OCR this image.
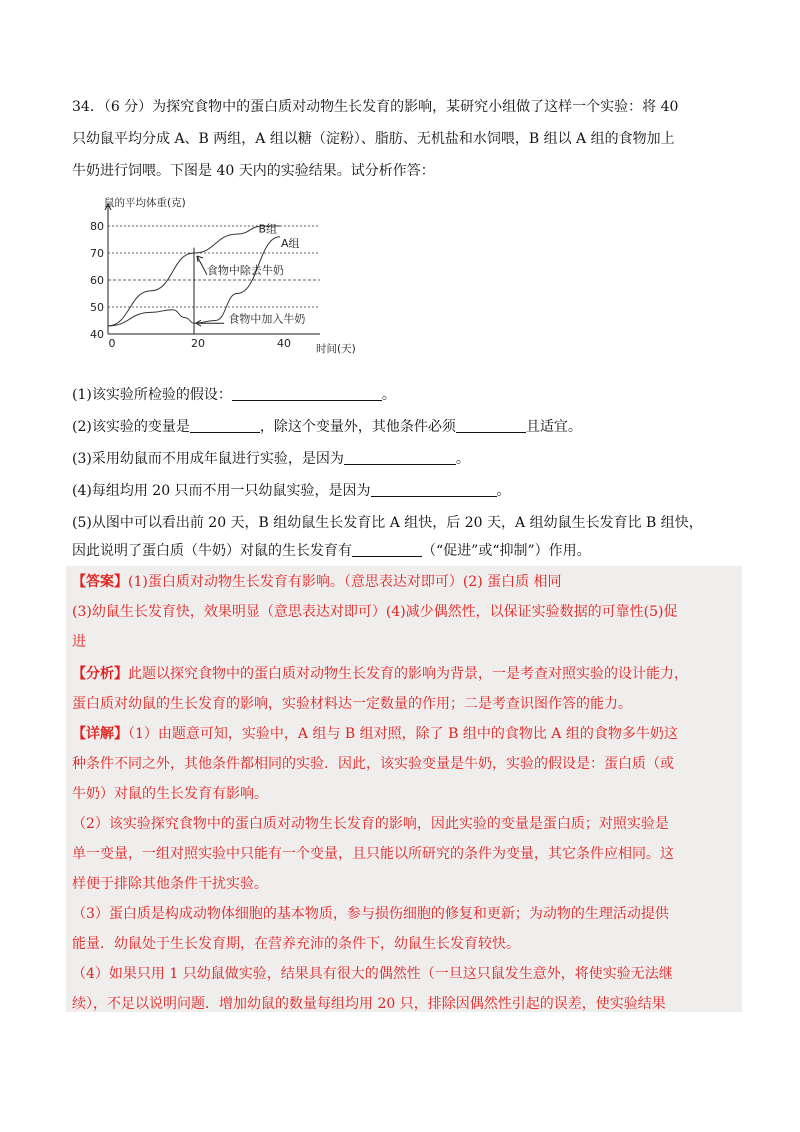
34．（6 分）为探究食物中的蛋白质对动物生长发育的影响，某研究小组做了这样一个实验：将 40
只幼鼠平均分成 A、B 两组，A 组以糖（淀粉）、脂肪、无机盐和水饲喂，B 组以 A 组的食物加上
牛奶进行饲喂。下图是 40 天内的实验结果。试分析作答：
40
50
60
70
80
0	20	40
鼠的平均体重(克)
时间(天)
B组
A组
食物中除去牛奶
食物中加入牛奶
(1)该实验所检验的假设：	。
(2)该实验的变量是	，除这个变量外，其他条件必须	且适宜。
(3)采用幼鼠而不用成年鼠进行实验，是因为	。
(4)每组均用 20 只而不用一只幼鼠实验，是因为	。
(5)从图中可以看出前 20 天，B 组幼鼠生长发育比 A 组快，后 20 天，A 组幼鼠生长发育比 B 组快，
因此说明了蛋白质（牛奶）对鼠的生长发育有	（“促进”或“抑制”）作用。
【答案】(1)蛋白质对动物生长发育有影响。（意思表达对即可）(2) 蛋白质 相同
(3)幼鼠生长发育快，效果明显（意思表达对即可）(4)减少偶然性，以保证实验数据的可靠性(5)促
进
【分析】此题以探究食物中的蛋白质对动物生长发育的影响为背景，一是考查对照实验的设计能力，
蛋白质对幼鼠的生长发育的影响，实验材料达一定数量的作用；二是考查识图作答的能力。
【详解】（1）由题意可知，实验中，A 组与 B 组对照，除了 B 组中的食物比 A 组的食物多牛奶这
种条件不同之外，其他条件都相同的实验．因此，该实验变量是牛奶，实验的假设是：蛋白质（或
牛奶）对鼠的生长发育有影响。
（2）该实验探究食物中的蛋白质对动物生长发育的影响，因此实验的变量是蛋白质；对照实验是
单一变量，一组对照实验中只能有一个变量，且只能以所研究的条件为变量，其它条件应相同。这
样便于排除其他条件干扰实验。
（3）蛋白质是构成动物体细胞的基本物质，参与损伤细胞的修复和更新；为动物的生理活动提供
能量．幼鼠处于生长发育期，在营养充沛的条件下，幼鼠生长发育较快。
（4）如果只用 1 只幼鼠做实验，结果具有很大的偶然性（一旦这只鼠发生意外，将使实验无法继
续），不足以说明问题．增加幼鼠的数量每组均用 20 只，排除因偶然性引起的误差，使实验结果
